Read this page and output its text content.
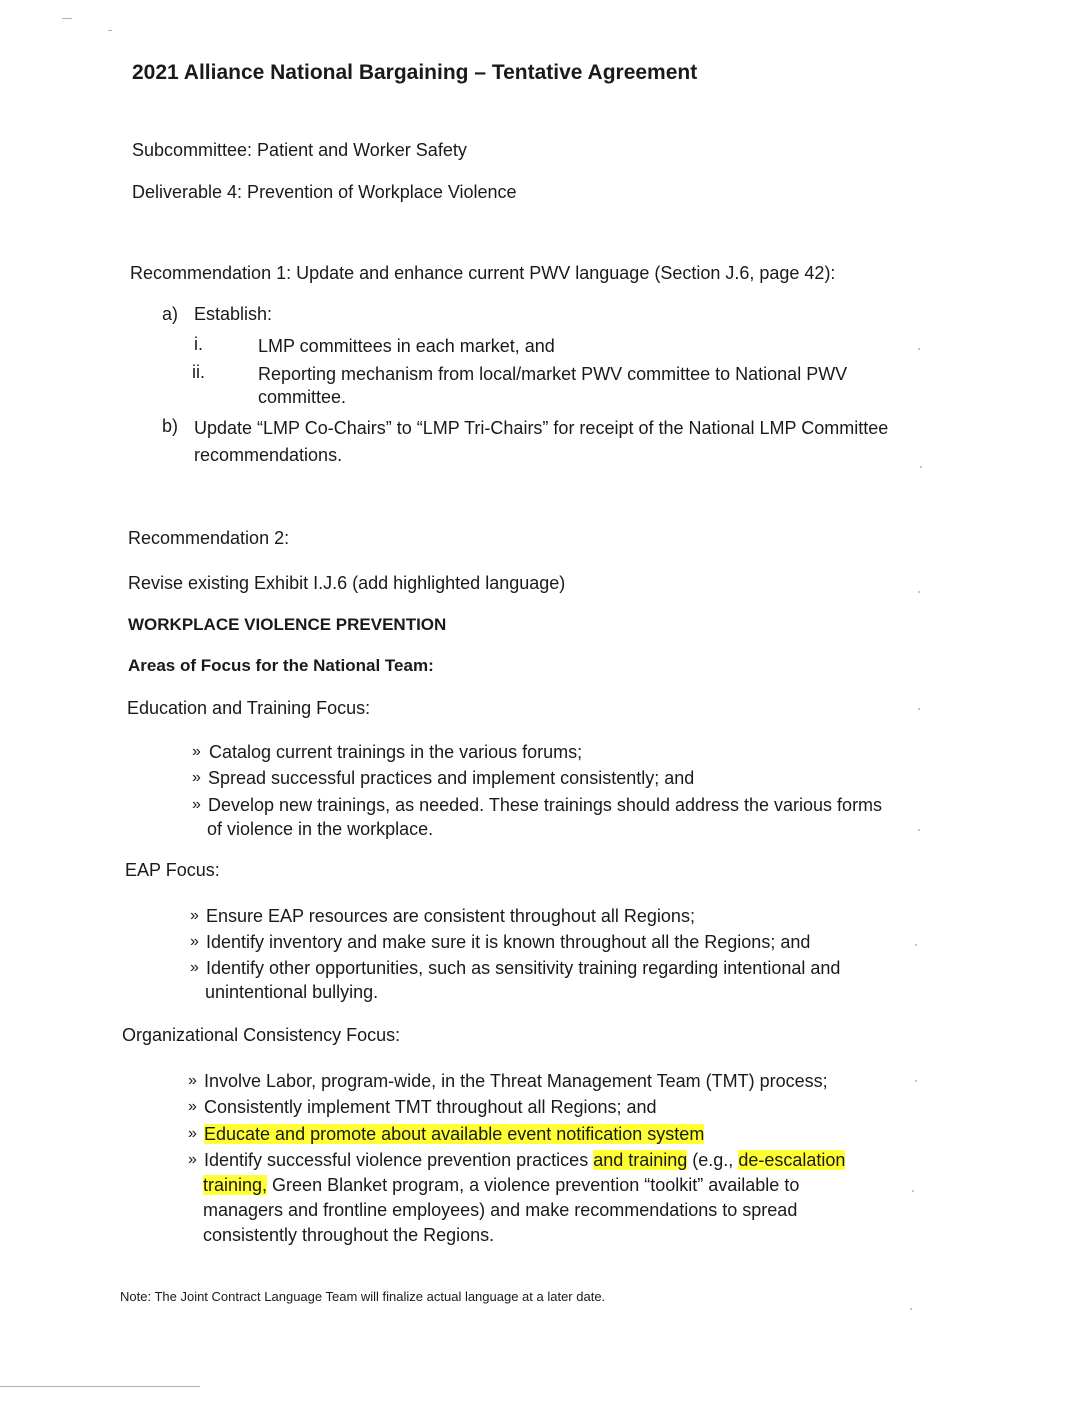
2021 Alliance National Bargaining – Tentative Agreement
Subcommittee: Patient and Worker Safety
Deliverable 4: Prevention of Workplace Violence
Recommendation 1: Update and enhance current PWV language (Section J.6, page 42):
a) Establish:
i.	LMP committees in each market, and
ii.	Reporting mechanism from local/market PWV committee to National PWV
committee.
b) Update “LMP Co-Chairs” to “LMP Tri-Chairs” for receipt of the National LMP Committee
recommendations.
Recommendation 2:
Revise existing Exhibit I.J.6 (add highlighted language)
WORKPLACE VIOLENCE PREVENTION
Areas of Focus for the National Team:
Education and Training Focus:
» Catalog current trainings in the various forums;
» Spread successful practices and implement consistently; and
» Develop new trainings, as needed. These trainings should address the various forms
of violence in the workplace.
EAP Focus:
» Ensure EAP resources are consistent throughout all Regions;
» Identify inventory and make sure it is known throughout all the Regions; and
» Identify other opportunities, such as sensitivity training regarding intentional and
unintentional bullying.
Organizational Consistency Focus:
» Involve Labor, program-wide, in the Threat Management Team (TMT) process;
» Consistently implement TMT throughout all Regions; and
» Educate and promote about available event notification system
» Identify successful violence prevention practices and training (e.g., de-escalation
training, Green Blanket program, a violence prevention “toolkit” available to
managers and frontline employees) and make recommendations to spread
consistently throughout the Regions.
Note: The Joint Contract Language Team will finalize actual language at a later date.
